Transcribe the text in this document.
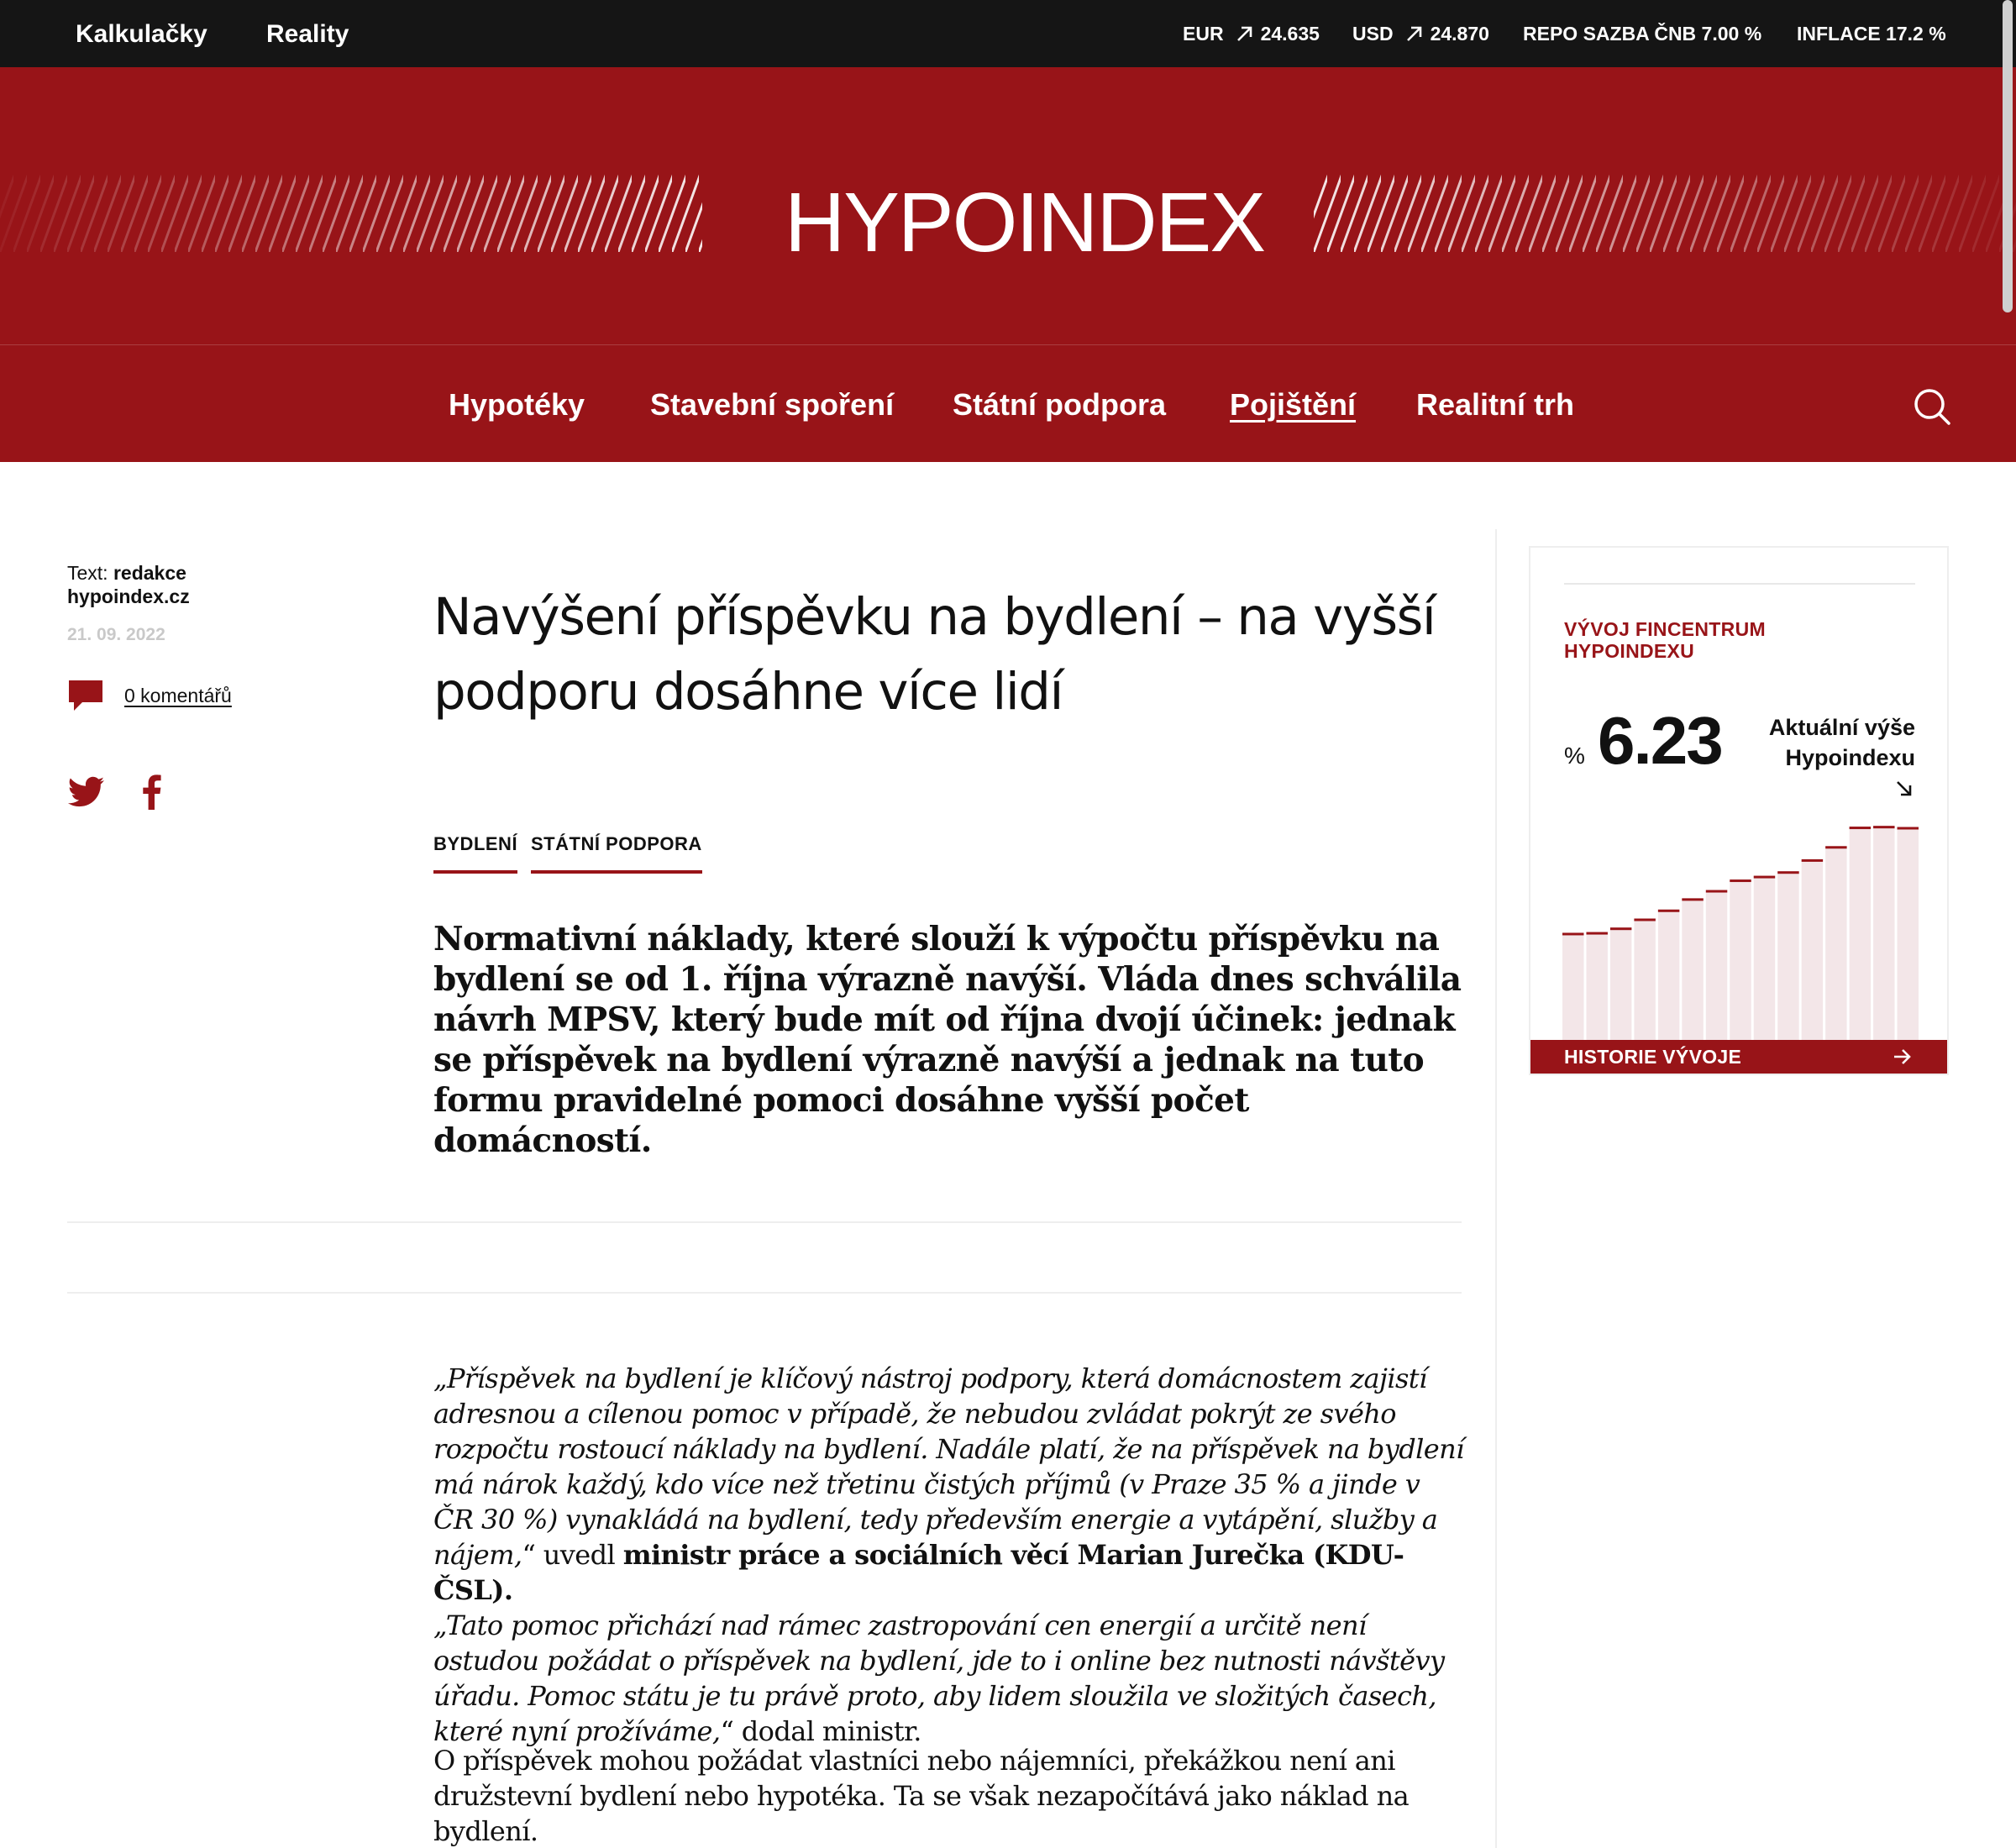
Kalkulačky Reality	EUR 24.635 USD 24.870 REPO SAZBA ČNB 7.00 % INFLACE 17.2 %
HYPOINDEX
Hypotéky Stavební spoření Státní podpora Pojištění Realitní trh
Text: redakce hypoindex.cz
21. 09. 2022
0 komentářů
Navýšení příspěvku na bydlení – na vyšší podporu dosáhne více lidí
BYDLENÍ STÁTNÍ PODPORA

Normativní náklady, které slouží k výpočtu příspěvku na bydlení se od 1. října výrazně navýší. Vláda dnes schválila návrh MPSV, který bude mít od října dvojí účinek: jednak se příspěvek na bydlení výrazně navýší a jednak na tuto formu pravidelné pomoci dosáhne vyšší počet domácností.

„Příspěvek na bydlení je klíčový nástroj podpory, která domácnostem zajistí adresnou a cílenou pomoc v případě, že nebudou zvládat pokrýt ze svého rozpočtu rostoucí náklady na bydlení. Nadále platí, že na příspěvek na bydlení má nárok každý, kdo více než třetinu čistých příjmů (v Praze 35 % a jinde v ČR 30 %) vynakládá na bydlení, tedy především energie a vytápění, služby a nájem,“ uvedl ministr práce a sociálních věcí Marian Jurečka (KDU-ČSL).
„Tato pomoc přichází nad rámec zastropování cen energií a určitě není ostudou požádat o příspěvek na bydlení, jde to i online bez nutnosti návštěvy úřadu. Pomoc státu je tu právě proto, aby lidem sloužila ve složitých časech, které nyní prožíváme,“ dodal ministr.

O příspěvek mohou požádat vlastníci nebo nájemníci, překážkou není ani družstevní bydlení nebo hypotéka. Ta se však nezapočítává jako náklad na bydlení.

VÝVOJ FINCENTRUM HYPOINDEXU
% 6.23	Aktuální výše Hypoindexu
HISTORIE VÝVOJE
